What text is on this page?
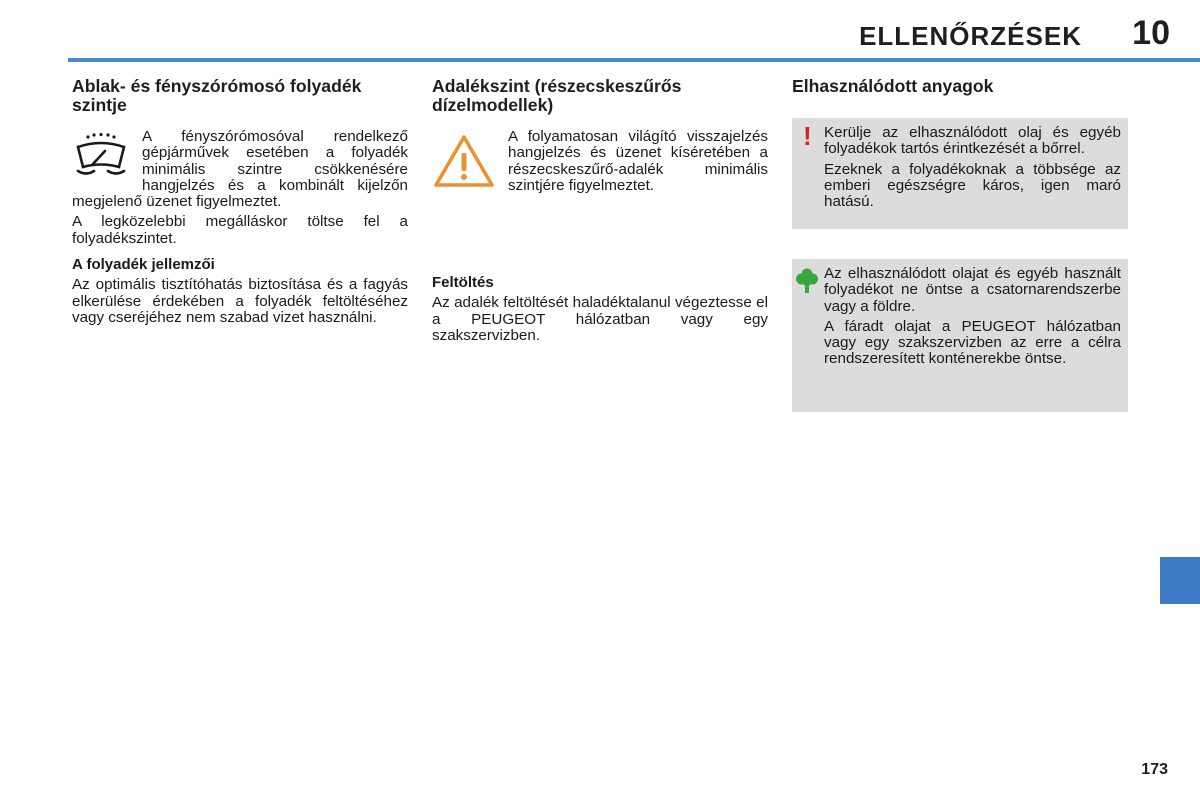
ELLENŐRZÉSEK 10
Ablak- és fényszórómosó folyadék szintje

A fényszórómosóval rendelkező gépjárművek esetében a folyadék minimális szintre csökkenésére hangjelzés és a kombinált kijelzőn megjelenő üzenet figyelmeztet.

A legközelebbi megálláskor töltse fel a folyadékszintet.

A folyadék jellemzői

Az optimális tisztítóhatás biztosítása és a fagyás elkerülése érdekében a folyadék feltöltéséhez vagy cseréjéhez nem szabad vizet használni.

Adalékszint (részecskeszűrős dízelmodellek)

A folyamatosan világító visszajelzés hangjelzés és üzenet kíséretében a részecskeszűrő-adalék minimális szintjére figyelmeztet.

Feltöltés

Az adalék feltöltését haladéktalanul végeztesse el a PEUGEOT hálózatban vagy egy szakszervizben.

Elhasználódott anyagok
! Kerülje az elhasználódott olaj és egyéb folyadékok tartós érintkezését a bőrrel.

Ezeknek a folyadékoknak a többsége az emberi egészségre káros, igen maró hatású.

Az elhasználódott olajat és egyéb használt folyadékot ne öntse a csatornarendszerbe vagy a földre.

A fáradt olajat a PEUGEOT hálózatban vagy egy szakszervizben az erre a célra rendszeresített konténerekbe öntse.

173
